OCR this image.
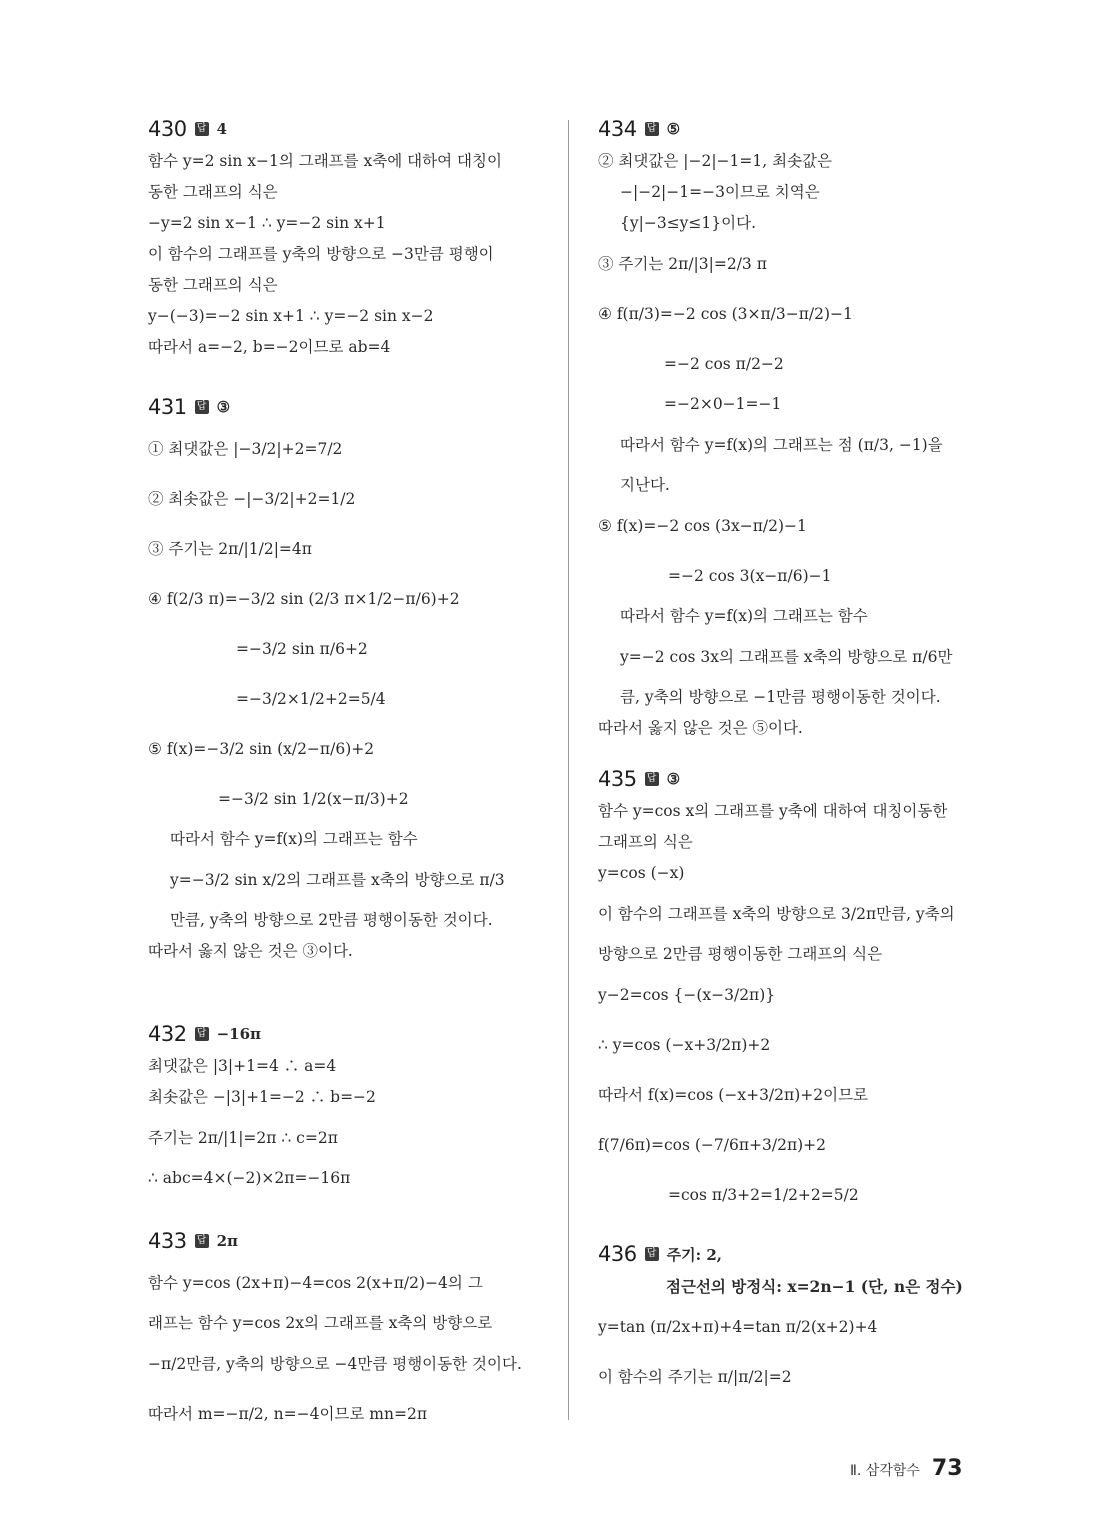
430 답 4
함수 y=2 sin x−1의 그래프를 x축에 대하여 대칭이
동한 그래프의 식은
−y=2 sin x−1 ∴ y=−2 sin x+1
이 함수의 그래프를 y축의 방향으로 −3만큼 평행이
동한 그래프의 식은
y−(−3)=−2 sin x+1 ∴ y=−2 sin x−2
따라서 a=−2, b=−2이므로 ab=4
431 답 ③
① 최댓값은 |−3/2|+2=7/2
② 최솟값은 −|−3/2|+2=1/2
③ 주기는 2π/|1/2|=4π
④ f(2/3 π)=−3/2 sin (2/3 π×1/2−π/6)+2
=−3/2 sin π/6+2
=−3/2×1/2+2=5/4
⑤ f(x)=−3/2 sin (x/2−π/6)+2
=−3/2 sin 1/2(x−π/3)+2
따라서 함수 y=f(x)의 그래프는 함수
y=−3/2 sin x/2의 그래프를 x축의 방향으로 π/3
만큼, y축의 방향으로 2만큼 평행이동한 것이다.
따라서 옳지 않은 것은 ③이다.
432 답 −16π
최댓값은 |3|+1=4 ∴ a=4
최솟값은 −|3|+1=−2 ∴ b=−2
주기는 2π/|1|=2π ∴ c=2π
∴ abc=4×(−2)×2π=−16π
433 답 2π
함수 y=cos (2x+π)−4=cos 2(x+π/2)−4의 그
래프는 함수 y=cos 2x의 그래프를 x축의 방향으로
−π/2만큼, y축의 방향으로 −4만큼 평행이동한 것이다.
따라서 m=−π/2, n=−4이므로 mn=2π
434 답 ⑤
② 최댓값은 |−2|−1=1, 최솟값은
−|−2|−1=−3이므로 치역은
{y|−3≤y≤1}이다.
③ 주기는 2π/|3|=2/3 π
④ f(π/3)=−2 cos (3×π/3−π/2)−1
=−2 cos π/2−2
=−2×0−1=−1
따라서 함수 y=f(x)의 그래프는 점 (π/3, −1)을
지난다.
⑤ f(x)=−2 cos (3x−π/2)−1
=−2 cos 3(x−π/6)−1
따라서 함수 y=f(x)의 그래프는 함수
y=−2 cos 3x의 그래프를 x축의 방향으로 π/6만
큼, y축의 방향으로 −1만큼 평행이동한 것이다.
따라서 옳지 않은 것은 ⑤이다.
435 답 ③
함수 y=cos x의 그래프를 y축에 대하여 대칭이동한
그래프의 식은
y=cos (−x)
이 함수의 그래프를 x축의 방향으로 3/2π만큼, y축의
방향으로 2만큼 평행이동한 그래프의 식은
y−2=cos {−(x−3/2π)}
∴ y=cos (−x+3/2π)+2
따라서 f(x)=cos (−x+3/2π)+2이므로
f(7/6π)=cos (−7/6π+3/2π)+2
=cos π/3+2=1/2+2=5/2
436 답 주기: 2,
점근선의 방정식: x=2n−1 (단, n은 정수)
y=tan (π/2x+π)+4=tan π/2(x+2)+4
이 함수의 주기는 π/|π/2|=2
Ⅱ. 삼각함수 73
